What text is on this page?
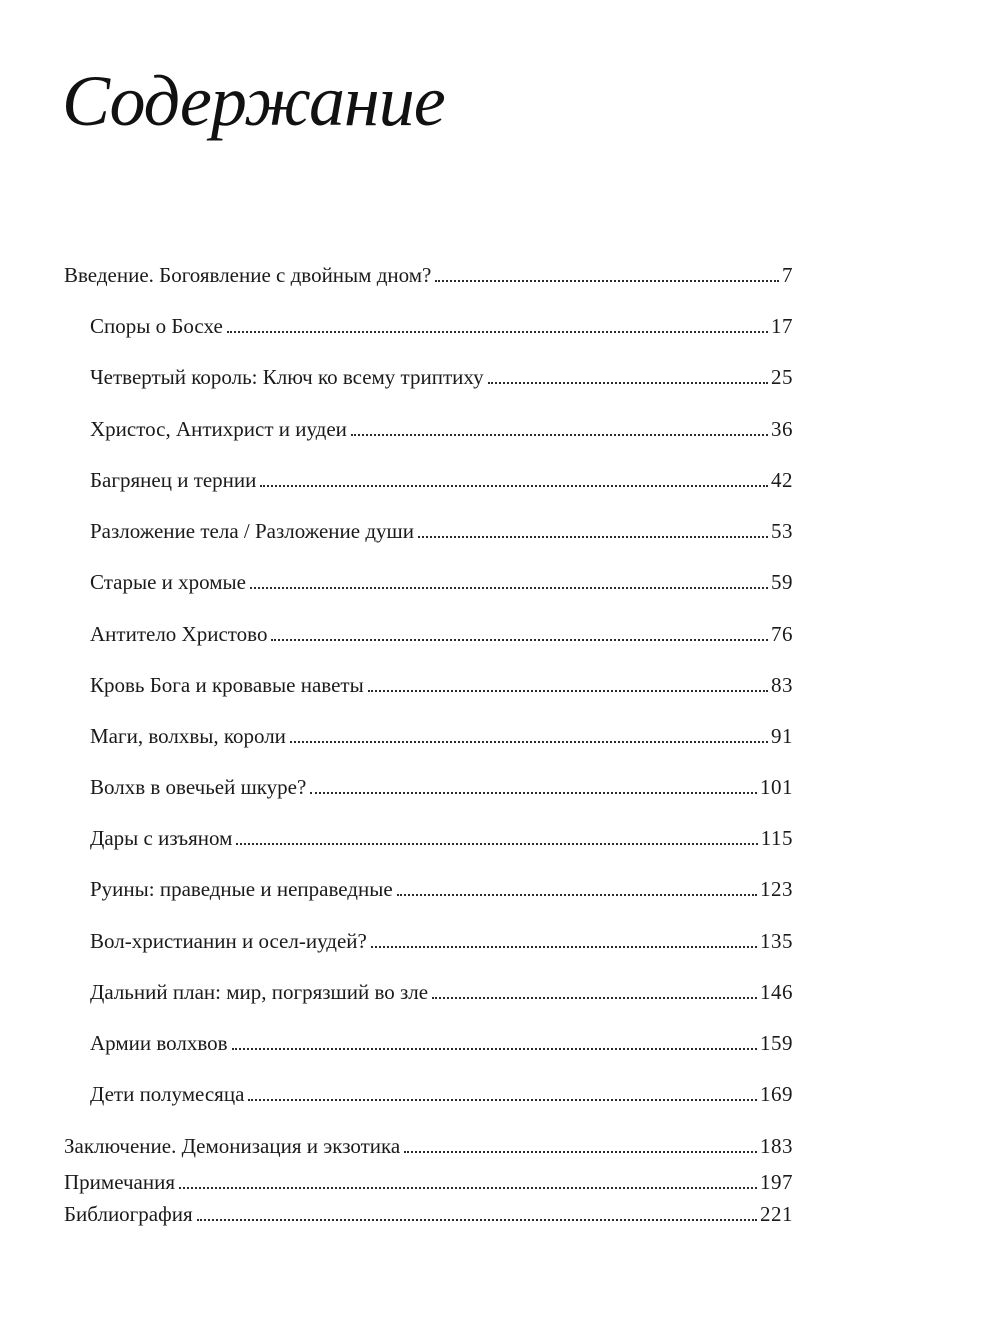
Содержание
Введение. Богоявление с двойным дном?	7
Споры о Босхе	17
Четвертый король: Ключ ко всему триптиху	25
Христос, Антихрист и иудеи	36
Багрянец и тернии	42
Разложение тела / Разложение души	53
Старые и хромые	59
Антитело Христово	76
Кровь Бога и кровавые наветы	83
Маги, волхвы, короли	91
Волхв в овечьей шкуре?	101
Дары с изъяном	115
Руины: праведные и неправедные	123
Вол-христианин и осел-иудей?	135
Дальний план: мир, погрязший во зле	146
Армии волхвов	159
Дети полумесяца	169
Заключение. Демонизация и экзотика	183
Примечания	197
Библиография	221
